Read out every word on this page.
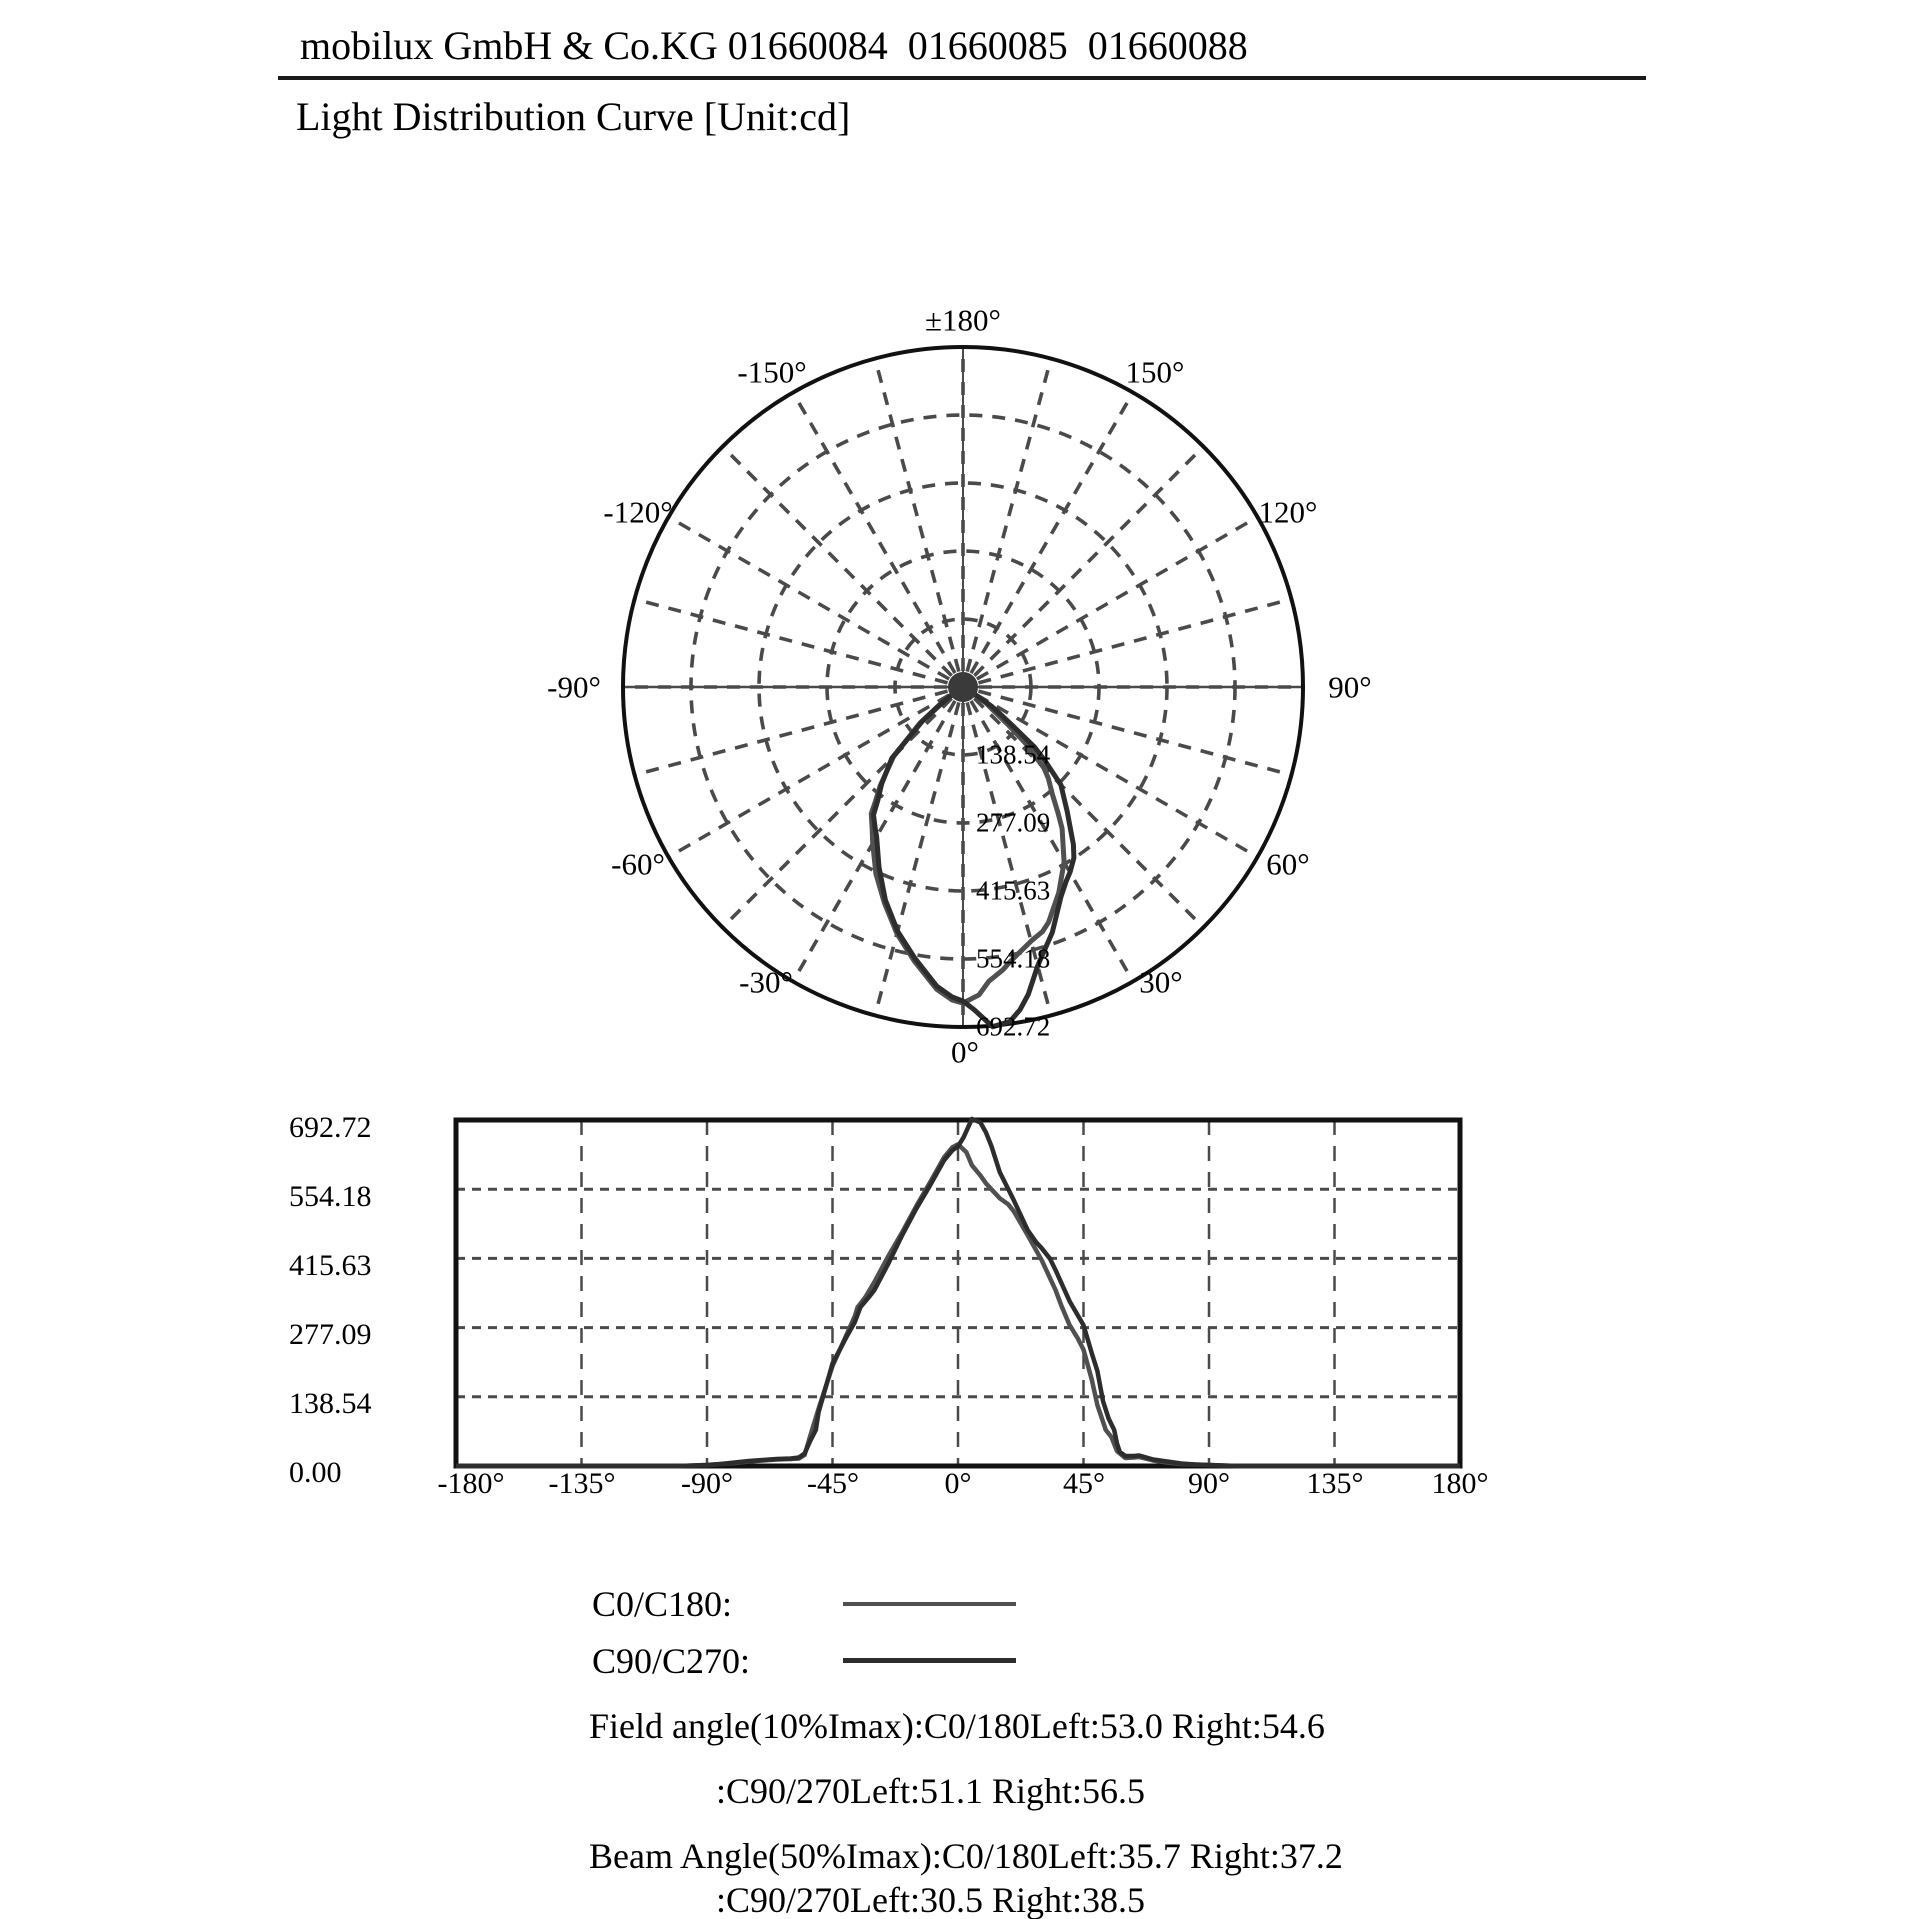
mobilux GmbH & Co.KG 01660084  01660085  01660088
Light Distribution Curve [Unit:cd]
±180°
-150°	150°
-120°	120°
-90°	90°
-60°	60°
-30°	30°
0°
138.54
277.09
415.63
554.18
692.72
692.72
554.18
415.63
277.09
138.54
0.00	-180° -135° -90° -45°	0°	45°	90°	135° 180°
C0/C180:
C90/C270:
Field angle(10%Imax):C0/180Left:53.0 Right:54.6
:C90/270Left:51.1 Right:56.5
Beam Angle(50%Imax):C0/180Left:35.7 Right:37.2
:C90/270Left:30.5 Right:38.5
